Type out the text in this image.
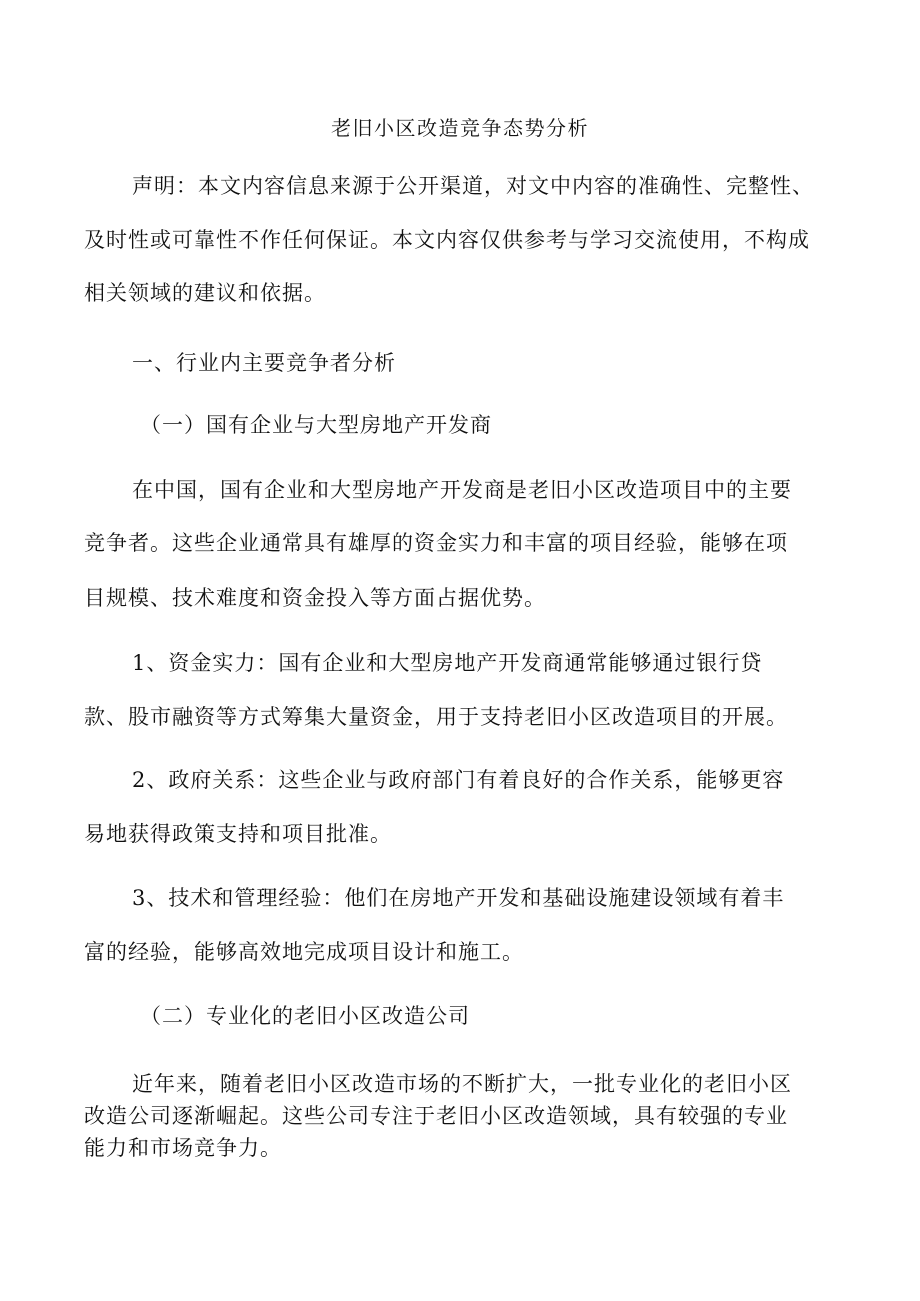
老旧小区改造竞争态势分析
声明：本文内容信息来源于公开渠道，对文中内容的准确性、完整性、
及时性或可靠性不作任何保证。本文内容仅供参考与学习交流使用，不构成
相关领域的建议和依据。
一、行业内主要竞争者分析
（一）国有企业与大型房地产开发商
在中国，国有企业和大型房地产开发商是老旧小区改造项目中的主要
竞争者。这些企业通常具有雄厚的资金实力和丰富的项目经验，能够在项
目规模、技术难度和资金投入等方面占据优势。
1、资金实力：国有企业和大型房地产开发商通常能够通过银行贷
款、股市融资等方式筹集大量资金，用于支持老旧小区改造项目的开展。
2、政府关系：这些企业与政府部门有着良好的合作关系，能够更容
易地获得政策支持和项目批准。
3、技术和管理经验：他们在房地产开发和基础设施建设领域有着丰
富的经验，能够高效地完成项目设计和施工。
（二）专业化的老旧小区改造公司
近年来，随着老旧小区改造市场的不断扩大，一批专业化的老旧小区
改造公司逐渐崛起。这些公司专注于老旧小区改造领域，具有较强的专业
能力和市场竞争力。
